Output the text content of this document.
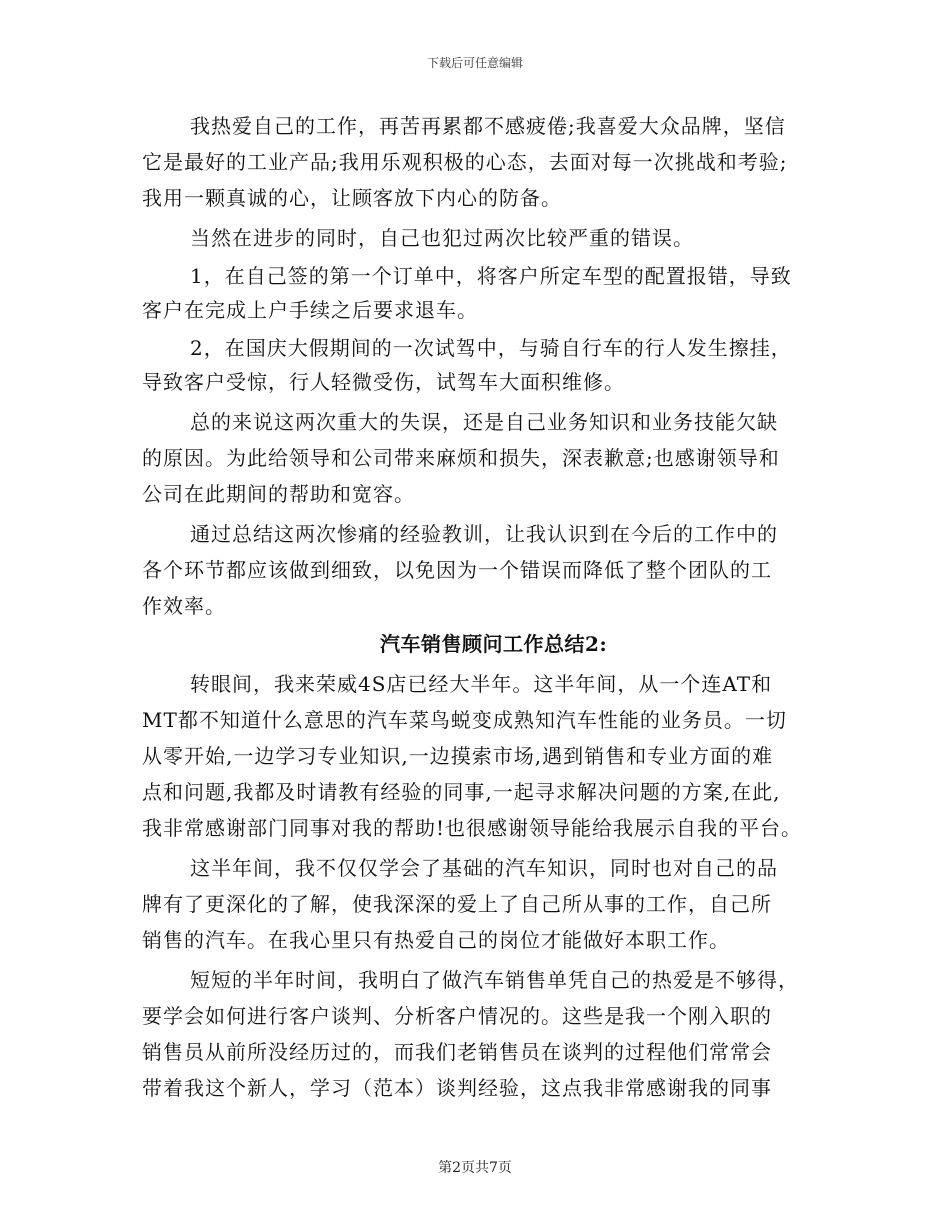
下载后可任意编辑
我热爱自己的工作，再苦再累都不感疲倦;我喜爱大众品牌，坚信
它是最好的工业产品;我用乐观积极的心态，去面对每一次挑战和考验;
我用一颗真诚的心，让顾客放下内心的防备。
当然在进步的同时，自己也犯过两次比较严重的错误。
1，在自己签的第一个订单中，将客户所定车型的配置报错，导致
客户在完成上户手续之后要求退车。
2，在国庆大假期间的一次试驾中，与骑自行车的行人发生擦挂，
导致客户受惊，行人轻微受伤，试驾车大面积维修。
总的来说这两次重大的失误，还是自己业务知识和业务技能欠缺
的原因。为此给领导和公司带来麻烦和损失，深表歉意;也感谢领导和
公司在此期间的帮助和宽容。
通过总结这两次惨痛的经验教训，让我认识到在今后的工作中的
各个环节都应该做到细致，以免因为一个错误而降低了整个团队的工
作效率。
汽车销售顾问工作总结2:
转眼间，我来荣威4S店已经大半年。这半年间，从一个连AT和
MT都不知道什么意思的汽车菜鸟蜕变成熟知汽车性能的业务员。一切
从零开始,一边学习专业知识,一边摸索市场,遇到销售和专业方面的难
点和问题,我都及时请教有经验的同事,一起寻求解决问题的方案,在此,
我非常感谢部门同事对我的帮助!也很感谢领导能给我展示自我的平台。
这半年间，我不仅仅学会了基础的汽车知识，同时也对自己的品
牌有了更深化的了解，使我深深的爱上了自己所从事的工作，自己所
销售的汽车。在我心里只有热爱自己的岗位才能做好本职工作。
短短的半年时间，我明白了做汽车销售单凭自己的热爱是不够得，
要学会如何进行客户谈判、分析客户情况的。这些是我一个刚入职的
销售员从前所没经历过的，而我们老销售员在谈判的过程他们常常会
带着我这个新人，学习（范本）谈判经验，这点我非常感谢我的同事
第2页共7页
